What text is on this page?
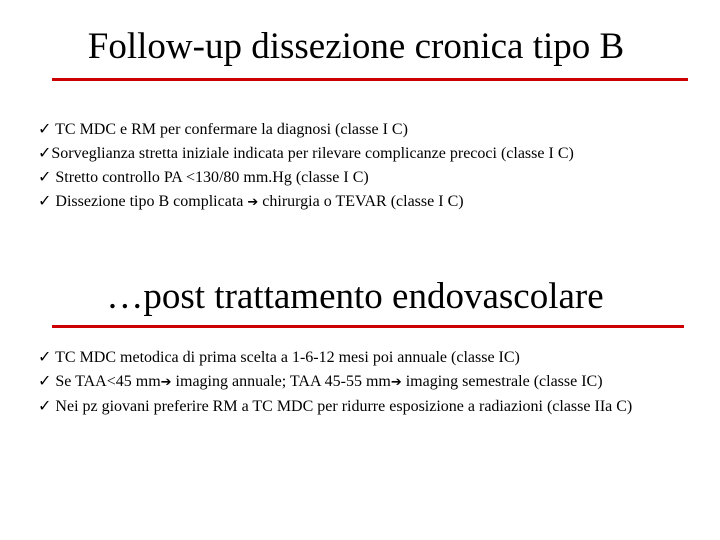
Follow-up dissezione cronica tipo B

✓ TC MDC e RM per confermare la diagnosi (classe I C)

✓Sorveglianza stretta iniziale indicata per rilevare complicanze precoci (classe I C)

✓ Stretto controllo PA <130/80 mm.Hg (classe I C)

✓ Dissezione tipo B complicata ➔ chirurgia o TEVAR (classe I C)

…post trattamento endovascolare

✓ TC MDC metodica di prima scelta a 1-6-12 mesi poi annuale (classe IC)

✓ Se TAA<45 mm➔ imaging annuale; TAA 45-55 mm➔ imaging semestrale (classe IC)

✓ Nei pz giovani preferire RM a TC MDC per ridurre esposizione a radiazioni (classe IIa C)
